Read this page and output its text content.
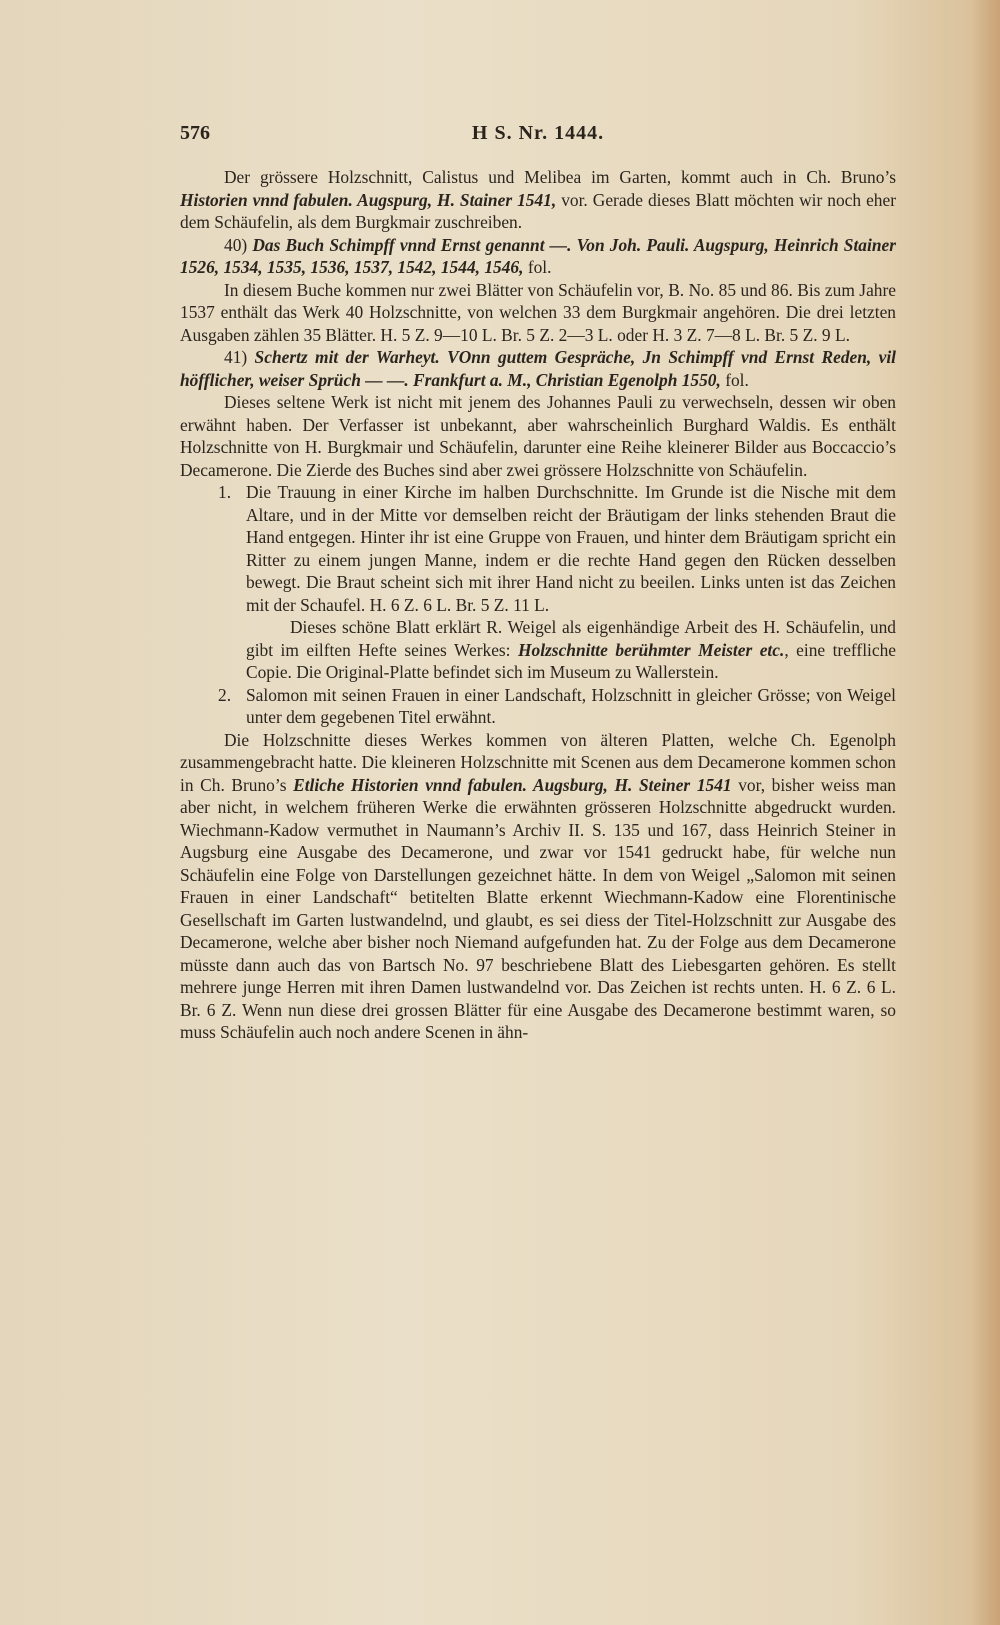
576	H S. Nr. 1444.

Der grössere Holzschnitt, Calistus und Melibea im Garten, kommt auch in Ch. Bruno’s Historien vnnd fabulen. Augspurg, H. Stainer 1541, vor. Gerade dieses Blatt möchten wir noch eher dem Schäufelin, als dem Burgkmair zuschreiben.

40) Das Buch Schimpff vnnd Ernst genannt —. Von Joh. Pauli. Augspurg, Heinrich Stainer 1526, 1534, 1535, 1536, 1537, 1542, 1544, 1546, fol.

In diesem Buche kommen nur zwei Blätter von Schäufelin vor, B. No. 85 und 86. Bis zum Jahre 1537 enthält das Werk 40 Holzschnitte, von welchen 33 dem Burgkmair angehören. Die drei letzten Ausgaben zählen 35 Blätter. H. 5 Z. 9—10 L. Br. 5 Z. 2—3 L. oder H. 3 Z. 7—8 L. Br. 5 Z. 9 L.

41) Schertz mit der Warheyt. VOnn guttem Gespräche, Jn Schimpff vnd Ernst Reden, vil höfflicher, weiser Sprüch — —. Frankfurt a. M., Christian Egenolph 1550, fol.

Dieses seltene Werk ist nicht mit jenem des Johannes Pauli zu verwechseln, dessen wir oben erwähnt haben. Der Verfasser ist unbekannt, aber wahrscheinlich Burghard Waldis. Es enthält Holzschnitte von H. Burgkmair und Schäufelin, darunter eine Reihe kleinerer Bilder aus Boccaccio’s Decamerone. Die Zierde des Buches sind aber zwei grössere Holzschnitte von Schäufelin.

1. Die Trauung in einer Kirche im halben Durchschnitte. Im Grunde ist die Nische mit dem Altare, und in der Mitte vor demselben reicht der Bräutigam der links stehenden Braut die Hand entgegen. Hinter ihr ist eine Gruppe von Frauen, und hinter dem Bräutigam spricht ein Ritter zu einem jungen Manne, indem er die rechte Hand gegen den Rücken desselben bewegt. Die Braut scheint sich mit ihrer Hand nicht zu beeilen. Links unten ist das Zeichen mit der Schaufel. H. 6 Z. 6 L. Br. 5 Z. 11 L.
Dieses schöne Blatt erklärt R. Weigel als eigenhändige Arbeit des H. Schäufelin, und gibt im eilften Hefte seines Werkes: Holzschnitte berühmter Meister etc., eine treffliche Copie. Die Original-Platte befindet sich im Museum zu Wallerstein.
2. Salomon mit seinen Frauen in einer Landschaft, Holzschnitt in gleicher Grösse; von Weigel unter dem gegebenen Titel erwähnt.

Die Holzschnitte dieses Werkes kommen von älteren Platten, welche Ch. Egenolph zusammengebracht hatte. Die kleineren Holzschnitte mit Scenen aus dem Decamerone kommen schon in Ch. Bruno’s Etliche Historien vnnd fabulen. Augsburg, H. Steiner 1541 vor, bisher weiss man aber nicht, in welchem früheren Werke die erwähnten grösseren Holzschnitte abgedruckt wurden. Wiechmann-Kadow vermuthet in Naumann’s Archiv II. S. 135 und 167, dass Heinrich Steiner in Augsburg eine Ausgabe des Decamerone, und zwar vor 1541 gedruckt habe, für welche nun Schäufelin eine Folge von Darstellungen gezeichnet hätte. In dem von Weigel „Salomon mit seinen Frauen in einer Landschaft“ betitelten Blatte erkennt Wiechmann-Kadow eine Florentinische Gesellschaft im Garten lustwandelnd, und glaubt, es sei diess der Titel-Holzschnitt zur Ausgabe des Decamerone, welche aber bisher noch Niemand aufgefunden hat. Zu der Folge aus dem Decamerone müsste dann auch das von Bartsch No. 97 beschriebene Blatt des Liebesgarten gehören. Es stellt mehrere junge Herren mit ihren Damen lustwandelnd vor. Das Zeichen ist rechts unten. H. 6 Z. 6 L. Br. 6 Z. Wenn nun diese drei grossen Blätter für eine Ausgabe des Decamerone bestimmt waren, so muss Schäufelin auch noch andere Scenen in ähn-
